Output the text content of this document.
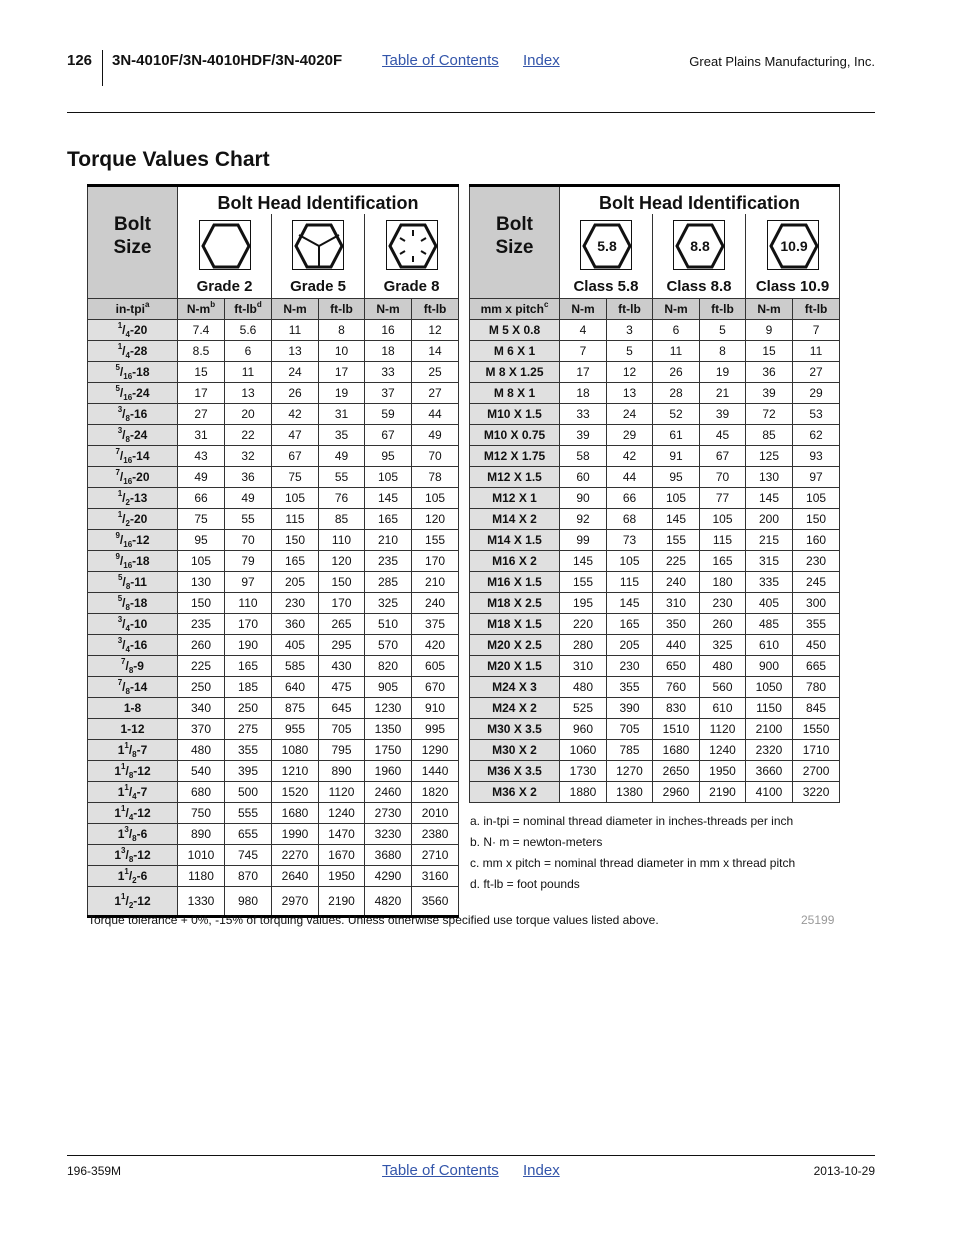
126 3N-4010F/3N-4010HDF/3N-4020F	Table of Contents Index	Great Plains Manufacturing, Inc.
Torque Values Chart
Bolt
Size	Bolt Head Identification					

	Grade 2		Grade 5		Grade 8	
in-tpi$^a$	$N-m^b$	$ft-lb^d$	N-m	ft-lb	N-m	ft-lb
$^1/_4-20$	7.4	5.6	11	8	16	12
$^1/_4-28$	8.5	6	13	10	18	14
$^5/_{16}-18$	15	11	24	17	33	25
$^5/_{16}-24$	17	13	26	19	37	27
$^3/_8-16$	27	20	42	31	59	44
$^3/_8-24$	31	22	47	35	67	49
$^7/_{16}-14$	43	32	67	49	95	70
$^7/_{16}-20$	49	36	75	55	105	78
$^1/_2-13$	66	49	105	76	145	105
$^1/_2-20$	75	55	115	85	165	120
$^9/_{16}-12$	95	70	150	110	210	155
$^9/_{16}-18$	105	79	165	120	235	170
$^5/_8-11$	130	97	205	150	285	210
$^5/_8-18$	150	110	230	170	325	240
$^3/_4-10$	235	170	360	265	510	375
$^3/_4-16$	260	190	405	295	570	420
$^7/_8-9$	225	165	585	430	820	605
$^7/_8-14$	250	185	640	475	905	670
1-8	340	250	875	645	1230	910
1-12	370	275	955	705	1350	995
$1^1/_8-7$	480	355	1080	795	1750	1290
$1^1/_8-12$	540	395	1210	890	1960	1440
$1^1/_4-7$	680	500	1520	1120	2460	1820
$1^1/_4-12$	750	555	1680	1240	2730	2010
$1^3/_8-6$	890	655	1990	1470	3230	2380
$1^3/_8-12$	1010	745	2270	1670	3680	2710
$1^1/_2-6$	1180	870	2640	1950	4290	3160
$1^1/_2-12$	1330	980	2970	2190	4820	3560
Bolt
Size	Bolt Head Identification					

5.8		8.8		10.9	

	Class 5.8		Class 8.8		Class 10.9	
mm x pitch$^c$	N-m	ft-lb	N-m	ft-lb	N-m	ft-lb
M 5 X 0.8	4	3	6	5	9	7
M 6 X 1	7	5	11	8	15	11
M 8 X 1.25	17	12	26	19	36	27
M 8 X 1	18	13	28	21	39	29
M10 X 1.5	33	24	52	39	72	53
M10 X 0.75	39	29	61	45	85	62
M12 X 1.75	58	42	91	67	125	93
M12 X 1.5	60	44	95	70	130	97
M12 X 1	90	66	105	77	145	105
M14 X 2	92	68	145	105	200	150
M14 X 1.5	99	73	155	115	215	160
M16 X 2	145	105	225	165	315	230
M16 X 1.5	155	115	240	180	335	245
M18 X 2.5	195	145	310	230	405	300
M18 X 1.5	220	165	350	260	485	355
M20 X 2.5	280	205	440	325	610	450
M20 X 1.5	310	230	650	480	900	665
M24 X 3	480	355	760	560	1050	780
M24 X 2	525	390	830	610	1150	845
M30 X 3.5	960	705	1510	1120	2100	1550
M30 X 2	1060	785	1680	1240	2320	1710
M36 X 3.5	1730	1270	2650	1950	3660	2700
M36 X 2	1880	1380	2960	2190	4100	3220
a. in-tpi = nominal thread diameter in inches-threads per inch
b. N· m = newton-meters
c. mm x pitch = nominal thread diameter in mm x thread pitch
d. ft-lb = foot pounds
Torque tolerance + 0%, -15% of torquing values. Unless otherwise specified use torque values listed above.	25199
196-359M	Table of Contents Index	2013-10-29
